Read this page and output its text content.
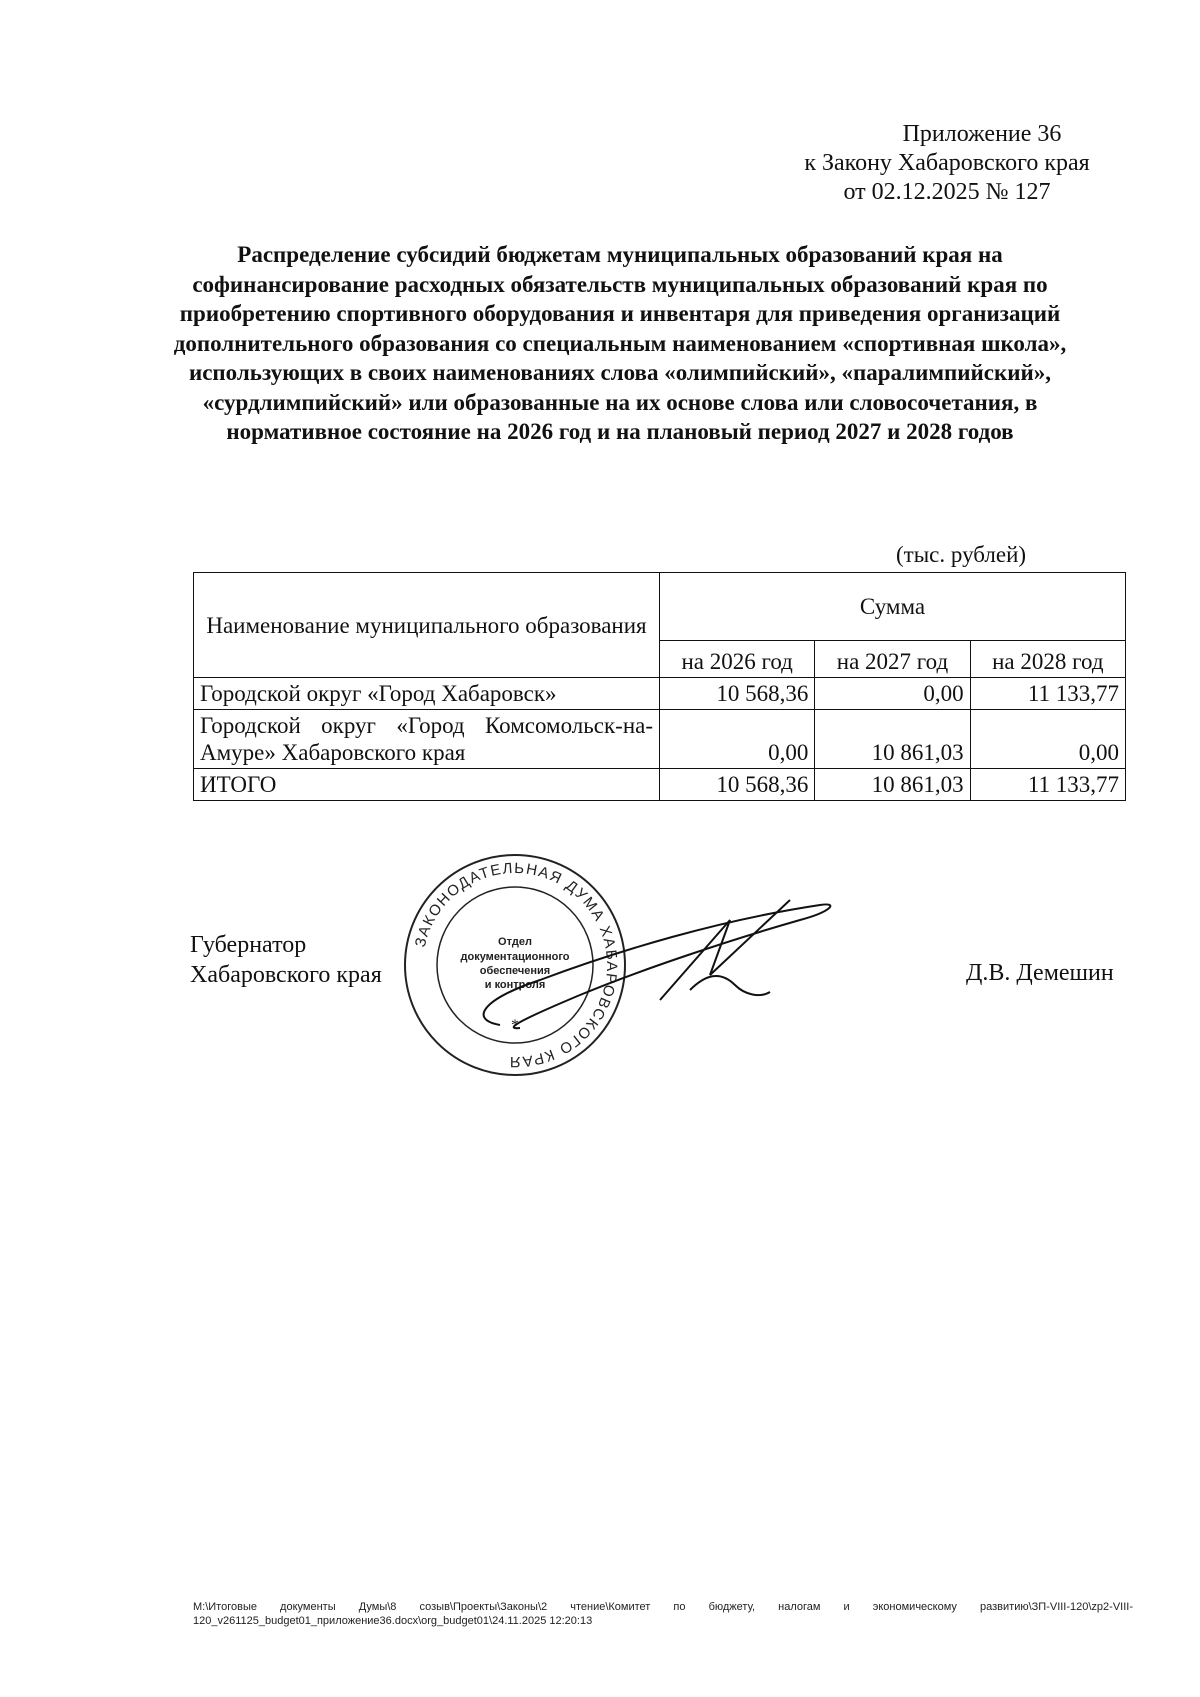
Приложение 36
к Закону Хабаровского края
от 02.12.2025 № 127
Распределение субсидий бюджетам муниципальных образований края на софинансирование расходных обязательств муниципальных образований края по приобретению спортивного оборудования и инвентаря для приведения организаций дополнительного образования со специальным наименованием «спортивная школа», использующих в своих наименованиях слова «олимпийский», «паралимпийский», «сурдлимпийский» или образованные на их основе слова или словосочетания, в нормативное состояние на 2026 год и на плановый период 2027 и 2028 годов
(тыс. рублей)
Наименование муниципального образования	Сумма		
	на 2026 год	на 2027 год	на 2028 год
Городской округ «Город Хабаровск»	10 568,36	0,00	11 133,77
Городской округ «Город Комсомольск-на-Амуре» Хабаровского края	0,00	10 861,03	0,00
ИТОГО	10 568,36	10 861,03	11 133,77
Губернатор
Хабаровского края
ЗАКОНОДАТЕЛЬНАЯ ДУМА ХАБАРОВСКОГО КРАЯ
Отдел
документационного
обеспечения
и контроля
*
Д.В. Демешин
M:\Итоговые документы Думы\8 созыв\Проекты\Законы\2 чтение\Комитет по бюджету, налогам и экономическому развитию\ЗП-VIII-120\zp2-VIII-120_v261125_budget01_приложение36.docx\org_budget01\24.11.2025 12:20:13
